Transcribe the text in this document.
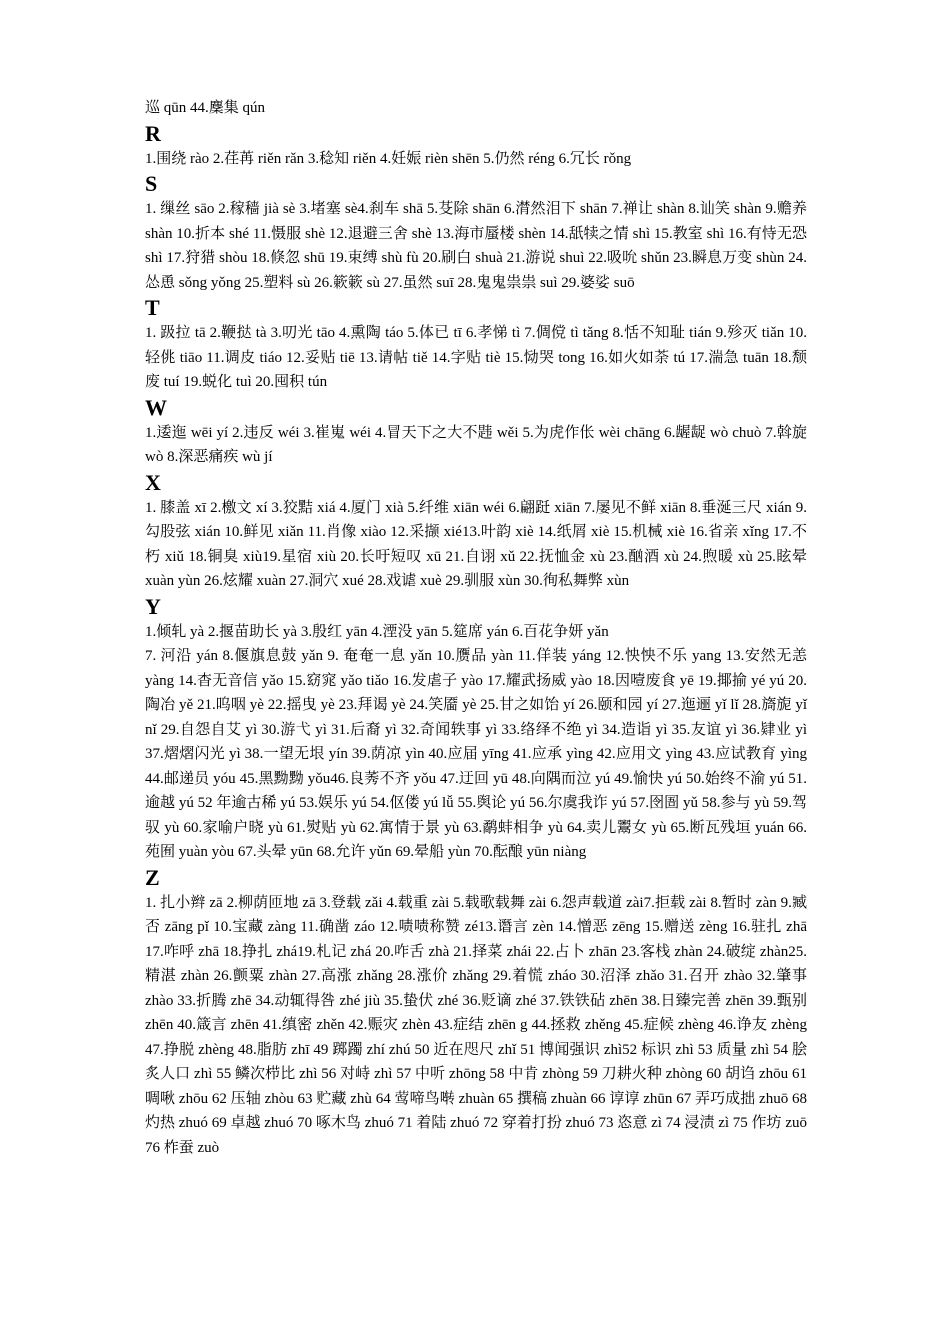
巡 qūn 44.麇集 qún

R

1.围绕 rào 2.荏苒 riěn rǎn 3.稔知 riěn 4.妊娠 rièn shēn 5.仍然 réng 6.冗长 rǒng

S

1. 缫丝 sāo 2.稼穑 jià sè 3.堵塞 sè4.刹车 shā 5.芟除 shān 6.潸然泪下 shān 7.禅让 shàn 8.讪笑 shàn 9.赡养 shàn 10.折本 shé 11.慑服 shè 12.退避三舍 shè 13.海市蜃楼 shèn 14.舐犊之情 shì 15.教室 shì 16.有恃无恐 shì 17.狩猎 shòu 18.倏忽 shū 19.束缚 shù fù 20.刷白 shuà 21.游说 shuì 22.吸吮 shǔn 23.瞬息万变 shùn 24.怂恿 sǒng yǒng 25.塑料 sù 26.簌簌 sù 27.虽然 suī 28.鬼鬼祟祟 suì 29.婆娑 suō

T

1. 趿拉 tā 2.鞭挞 tà 3.叨光 tāo 4.熏陶 táo 5.体已 tī 6.孝悌 tì 7.倜傥 tì tǎng 8.恬不知耻 tián 9.殄灭 tiǎn 10.轻佻 tiāo 11.调皮 tiáo 12.妥贴 tiē 13.请帖 tiě 14.字贴 tiè 15.恸哭 tong 16.如火如荼 tú 17.湍急 tuān 18.颓废 tuí 19.蜕化 tuì 20.囤积 tún

W

1.逶迤 wēi yí 2.违反 wéi 3.崔嵬 wéi 4.冒天下之大不韪 wěi 5.为虎作伥 wèi chāng 6.龌龊 wò chuò 7.斡旋 wò 8.深恶痛疾 wù jí

X

1. 膝盖 xī 2.檄文 xí 3.狡黠 xiá 4.厦门 xià 5.纤维 xiān wéi 6.翩跹 xiān 7.屡见不鲜 xiān 8.垂涎三尺 xián 9.勾股弦 xián 10.鲜见 xiǎn 11.肖像 xiào 12.采撷 xié13.叶韵 xiè 14.纸屑 xiè 15.机械 xiè 16.省亲 xǐng 17.不朽 xiǔ 18.铜臭 xiù19.星宿 xiù 20.长吁短叹 xū 21.自诩 xǔ 22.抚恤金 xù 23.酗酒 xù 24.煦暖 xù 25.眩晕 xuàn yùn 26.炫耀 xuàn 27.洞穴 xué 28.戏谑 xuè 29.驯服 xùn 30.徇私舞弊 xùn

Y

1.倾轧 yà 2.揠苗助长 yà 3.殷红 yān 4.湮没 yān 5.筵席 yán 6.百花争妍 yǎn

7. 河沿 yán 8.偃旗息鼓 yǎn 9. 奄奄一息 yǎn 10.赝品 yàn 11.佯装 yáng 12.怏怏不乐 yang 13.安然无恙 yàng 14.杳无音信 yǎo 15.窈窕 yǎo tiǎo 16.发虐子 yào 17.耀武扬威 yào 18.因噎废食 yē 19.揶揄 yé yú 20.陶冶 yě 21.呜咽 yè 22.摇曳 yè 23.拜谒 yè 24.笑靥 yè 25.甘之如饴 yí 26.颐和园 yí 27.迤逦 yǐ lǐ 28.旖旎 yǐ nǐ 29.自怨自艾 yì 30.游弋 yì 31.后裔 yì 32.奇闻轶事 yì 33.络绎不绝 yì 34.造诣 yì 35.友谊 yì 36.肄业 yì 37.熠熠闪光 yì 38.一望无垠 yín 39.荫凉 yìn 40.应届 yīng 41.应承 yìng 42.应用文 yìng 43.应试教育 yìng 44.邮递员 yóu 45.黑黝黝 yǒu46.良莠不齐 yǒu 47.迂回 yū 48.向隅而泣 yú 49.愉快 yú 50.始终不渝 yú 51.逾越 yú 52 年逾古稀 yú 53.娱乐 yú 54.伛偻 yú lǚ 55.舆论 yú 56.尔虞我诈 yú 57.囹圄 yǔ 58.参与 yù 59.驾驭 yù 60.家喻户晓 yù 61.熨贴 yù 62.寓情于景 yù 63.鹬蚌相争 yù 64.卖儿鬻女 yù 65.断瓦残垣 yuán 66.苑囿 yuàn yòu 67.头晕 yūn 68.允许 yǔn 69.晕船 yùn 70.酝酿 yūn niàng

Z

1. 扎小辫 zā 2.柳荫匝地 zā 3.登载 zǎi 4.载重 zài 5.载歌载舞 zài 6.怨声载道 zài7.拒载 zài 8.暂时 zàn 9.臧否 zāng pǐ 10.宝藏 zàng 11.确凿 záo 12.啧啧称赞 zé13.谮言 zèn 14.憎恶 zēng 15.赠送 zèng 16.驻扎 zhā 17.咋呼 zhā 18.挣扎 zhá19.札记 zhá 20.咋舌 zhà 21.择菜 zhái 22.占卜 zhān 23.客栈 zhàn 24.破绽 zhàn25.精湛 zhàn 26.颤粟 zhàn 27.高涨 zhǎng 28.涨价 zhǎng 29.着慌 zháo 30.沼泽 zhǎo 31.召开 zhào 32.肇事 zhào 33.折腾 zhē 34.动辄得咎 zhé jiù 35.蛰伏 zhé 36.贬谪 zhé 37.铁铁砧 zhēn 38.日臻完善 zhēn 39.甄别 zhēn 40.箴言 zhēn 41.缜密 zhěn 42.赈灾 zhèn 43.症结 zhēn g 44.拯救 zhěng 45.症候 zhèng 46.诤友 zhèng 47.挣脱 zhèng 48.脂肪 zhī 49 踯躅 zhí zhú 50 近在咫尺 zhǐ 51 博闻强识 zhì52 标识 zhì 53 质量 zhì 54 脍炙人口 zhì 55 鳞次栉比 zhì 56 对峙 zhì 57 中听 zhōng 58 中肯 zhòng 59 刀耕火种 zhòng 60 胡诌 zhōu 61 啁啾 zhōu 62 压轴 zhòu 63 贮藏 zhù 64 莺啼鸟啭 zhuàn 65 撰稿 zhuàn 66 谆谆 zhūn 67 弄巧成拙 zhuō 68 灼热 zhuó 69 卓越 zhuó 70 啄木鸟 zhuó 71 着陆 zhuó 72 穿着打扮 zhuó 73 恣意 zì 74 浸渍 zì 75 作坊 zuō 76 柞蚕 zuò
